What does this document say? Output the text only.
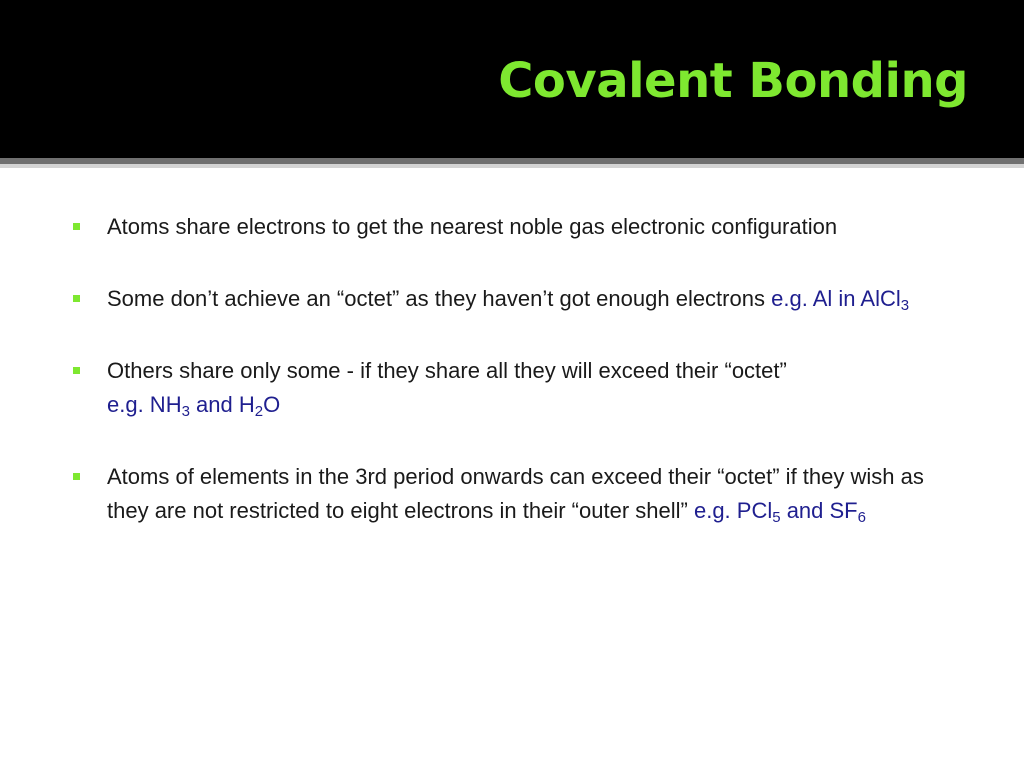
Covalent Bonding
Atoms share electrons to get the nearest noble gas electronic configuration
Some don’t achieve an “octet” as they haven’t got enough electrons e.g. Al in AlCl$_3$
Others share only some - if they share all they will exceed their “octet”
e.g. $NH_3$ and $H_2O$
Atoms of elements in the 3rd period onwards can exceed their “octet” if they wish as they are not restricted to eight electrons in their “outer shell” e.g. PCl$_5$ and $SF_6$
